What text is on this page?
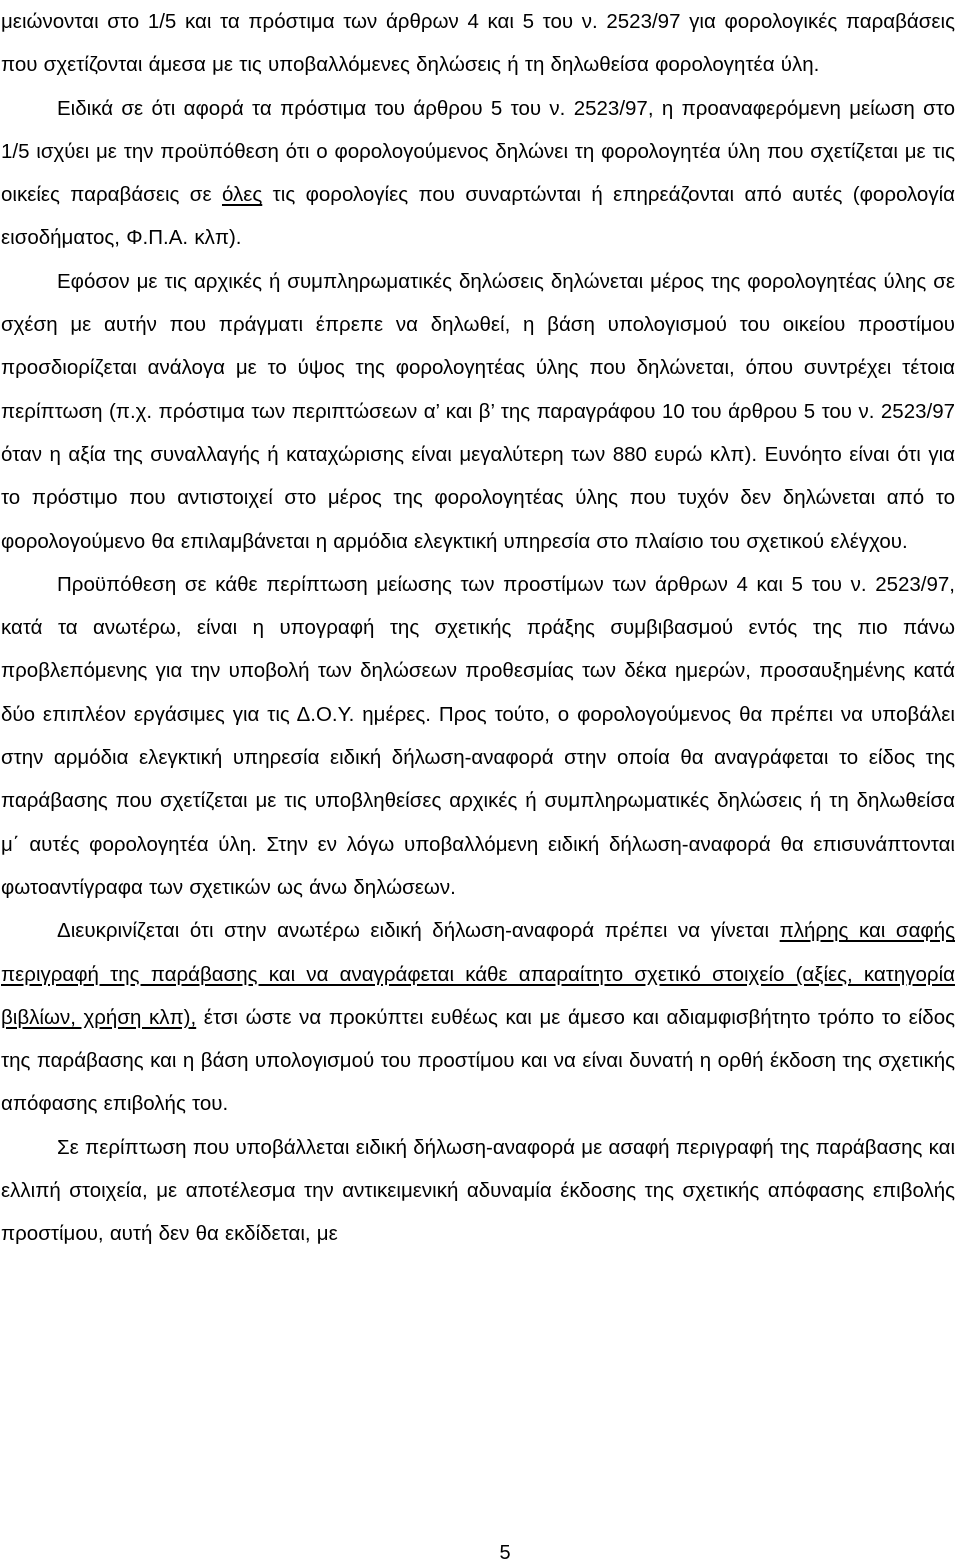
μειώνονται στο 1/5 και τα πρόστιμα των άρθρων 4 και 5 του ν. 2523/97 για φορολογικές παραβάσεις που σχετίζονται άμεσα με τις υποβαλλόμενες δηλώσεις ή τη δηλωθείσα φορολογητέα ύλη.

Ειδικά σε ότι αφορά τα πρόστιμα του άρθρου 5 του ν. 2523/97, η προαναφερόμενη μείωση στο 1/5 ισχύει με την προϋπόθεση ότι ο φορολογούμενος δηλώνει τη φορολογητέα ύλη που σχετίζεται με τις οικείες παραβάσεις σε όλες τις φορολογίες που συναρτώνται ή επηρεάζονται από αυτές (φορολογία εισοδήματος, Φ.Π.Α. κλπ).

Εφόσον με τις αρχικές ή συμπληρωματικές δηλώσεις δηλώνεται μέρος της φορολογητέας ύλης σε σχέση με αυτήν που πράγματι έπρεπε να δηλωθεί, η βάση υπολογισμού του οικείου προστίμου προσδιορίζεται ανάλογα με το ύψος της φορολογητέας ύλης που δηλώνεται, όπου συντρέχει τέτοια περίπτωση (π.χ. πρόστιμα των περιπτώσεων α’ και β’ της παραγράφου 10 του άρθρου 5 του ν. 2523/97 όταν η αξία της συναλλαγής ή καταχώρισης είναι μεγαλύτερη των 880 ευρώ κλπ). Ευνόητο είναι ότι για το πρόστιμο που αντιστοιχεί στο μέρος της φορολογητέας ύλης που τυχόν δεν δηλώνεται από το φορολογούμενο θα επιλαμβάνεται η αρμόδια ελεγκτική υπηρεσία στο πλαίσιο του σχετικού ελέγχου.

Προϋπόθεση σε κάθε περίπτωση μείωσης των προστίμων των άρθρων 4 και 5 του ν. 2523/97, κατά τα ανωτέρω, είναι η υπογραφή της σχετικής πράξης συμβιβασμού εντός της πιο πάνω προβλεπόμενης για την υποβολή των δηλώσεων προθεσμίας των δέκα ημερών, προσαυξημένης κατά δύο επιπλέον εργάσιμες για τις Δ.Ο.Υ. ημέρες. Προς τούτο, ο φορολογούμενος θα πρέπει να υποβάλει στην αρμόδια ελεγκτική υπηρεσία ειδική δήλωση-αναφορά στην οποία θα αναγράφεται το είδος της παράβασης που σχετίζεται με τις υποβληθείσες αρχικές ή συμπληρωματικές δηλώσεις ή τη δηλωθείσα μ΄ αυτές φορολογητέα ύλη. Στην εν λόγω υποβαλλόμενη ειδική δήλωση-αναφορά θα επισυνάπτονται φωτοαντίγραφα των σχετικών ως άνω δηλώσεων.

Διευκρινίζεται ότι στην ανωτέρω ειδική δήλωση-αναφορά πρέπει να γίνεται πλήρης και σαφής περιγραφή της παράβασης και να αναγράφεται κάθε απαραίτητο σχετικό στοιχείο (αξίες, κατηγορία βιβλίων, χρήση κλπ), έτσι ώστε να προκύπτει ευθέως και με άμεσο και αδιαμφισβήτητο τρόπο το είδος της παράβασης και η βάση υπολογισμού του προστίμου και να είναι δυνατή η ορθή έκδοση της σχετικής απόφασης επιβολής του.

Σε περίπτωση που υποβάλλεται ειδική δήλωση-αναφορά με ασαφή περιγραφή της παράβασης και ελλιπή στοιχεία, με αποτέλεσμα την αντικειμενική αδυναμία έκδοσης της σχετικής απόφασης επιβολής προστίμου, αυτή δεν θα εκδίδεται, με

5
